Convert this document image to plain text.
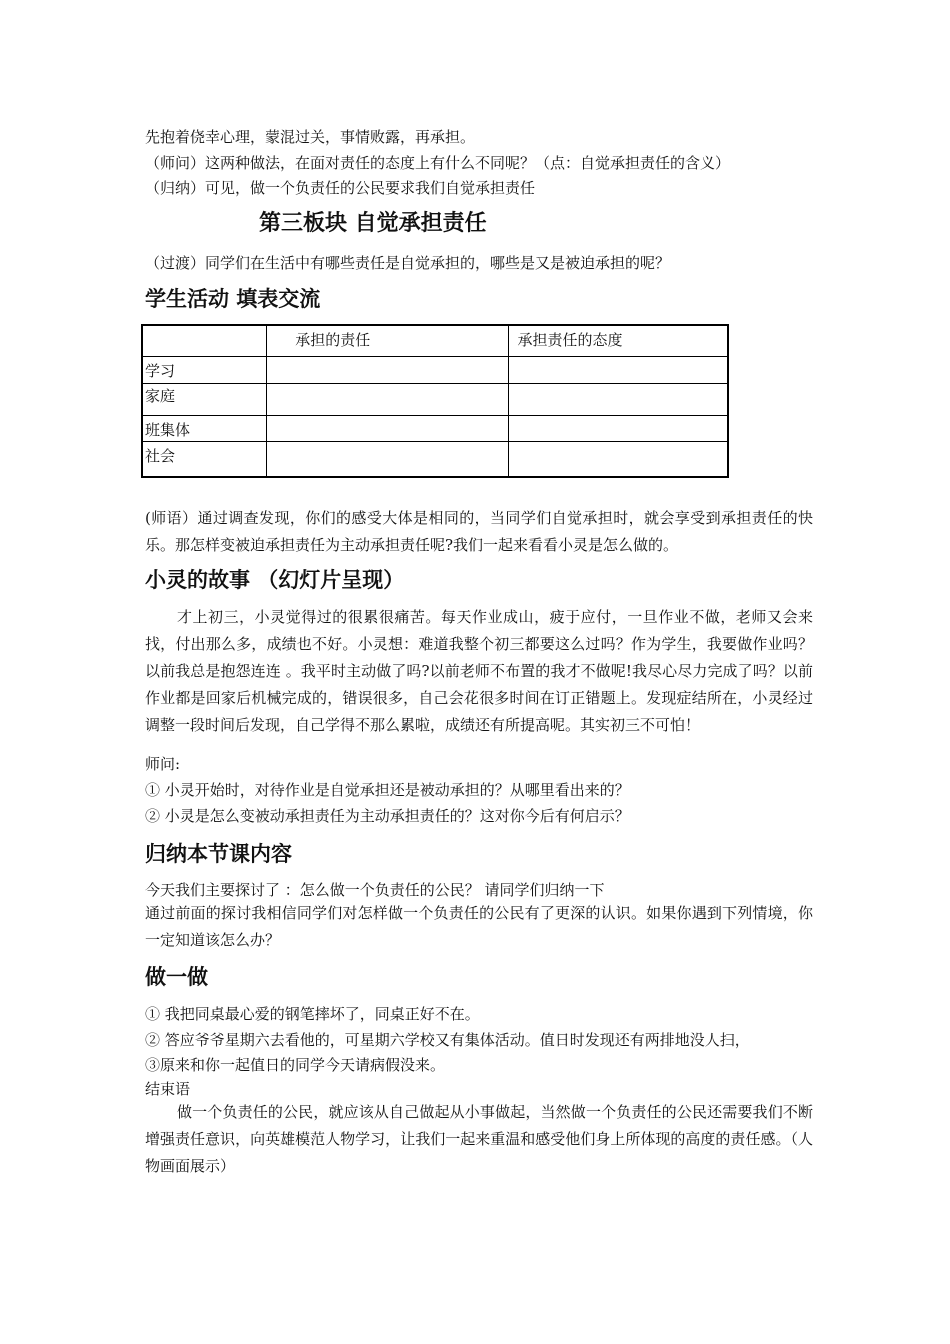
先抱着侥幸心理，蒙混过关，事情败露，再承担。
（师问）这两种做法，在面对责任的态度上有什么不同呢？（点：自觉承担责任的含义）
（归纳）可见，做一个负责任的公民要求我们自觉承担责任
第三板块 自觉承担责任
（过渡）同学们在生活中有哪些责任是自觉承担的，哪些是又是被迫承担的呢？
学生活动 填表交流
	承担的责任	承担责任的态度
学习		
家庭		
班集体		
社会		
(师语）通过调查发现，你们的感受大体是相同的，当同学们自觉承担时，就会享受到承担责任的快乐。那怎样变被迫承担责任为主动承担责任呢?我们一起来看看小灵是怎么做的。
小灵的故事 （幻灯片呈现）
才上初三，小灵觉得过的很累很痛苦。每天作业成山，疲于应付，一旦作业不做，老师又会来找，付出那么多，成绩也不好。小灵想：难道我整个初三都要这么过吗？作为学生，我要做作业吗？以前我总是抱怨连连 。我平时主动做了吗?以前老师不布置的我才不做呢!我尽心尽力完成了吗？以前作业都是回家后机械完成的，错误很多，自己会花很多时间在订正错题上。发现症结所在，小灵经过调整一段时间后发现，自己学得不那么累啦，成绩还有所提高呢。其实初三不可怕！
师问:
① 小灵开始时，对待作业是自觉承担还是被动承担的？从哪里看出来的？
② 小灵是怎么变被动承担责任为主动承担责任的？这对你今后有何启示？
归纳本节课内容
今天我们主要探讨了 ：怎么做一个负责任的公民？ 请同学们归纳一下
通过前面的探讨我相信同学们对怎样做一个负责任的公民有了更深的认识。如果你遇到下列情境，你一定知道该怎么办？
做一做
① 我把同桌最心爱的钢笔摔坏了，同桌正好不在。
② 答应爷爷星期六去看他的，可星期六学校又有集体活动。值日时发现还有两排地没人扫，
③原来和你一起值日的同学今天请病假没来。
结束语
做一个负责任的公民，就应该从自己做起从小事做起，当然做一个负责任的公民还需要我们不断增强责任意识，向英雄模范人物学习，让我们一起来重温和感受他们身上所体现的高度的责任感。（人物画面展示）
